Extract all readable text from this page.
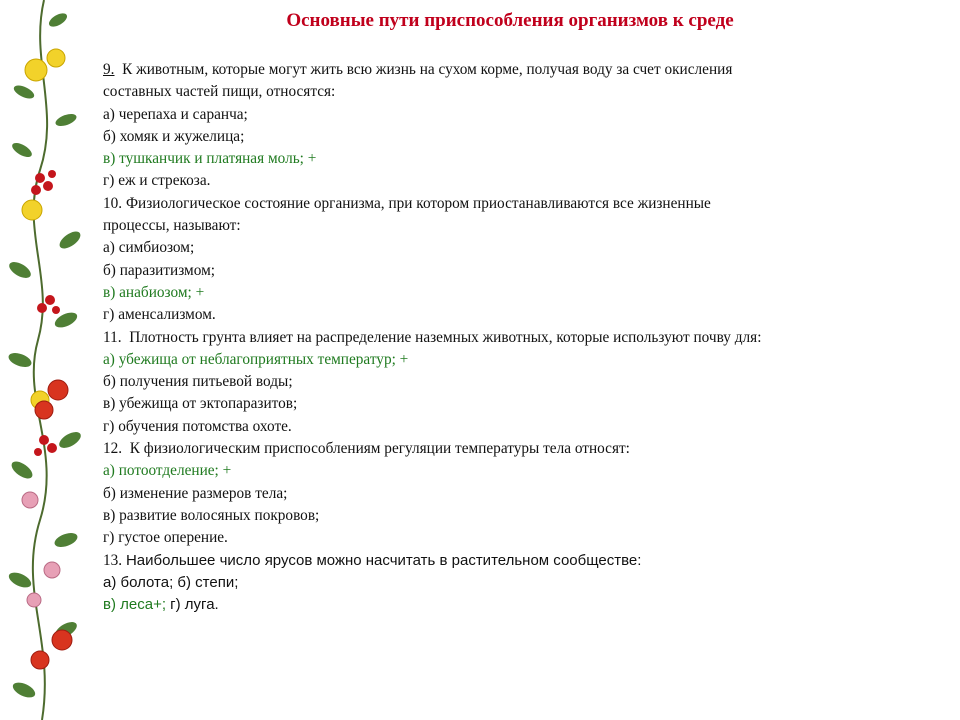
Основные пути приспособления организмов к среде
9. К животным, которые могут жить всю жизнь на сухом корме, получая воду за счет окисления
составных частей пищи, относятся:
а) черепаха и саранча;
б) хомяк и жужелица;
в) тушканчик и платяная моль; +
г) еж и стрекоза.
10. Физиологическое состояние организма, при котором приостанавливаются все жизненные
процессы, называют:
а) симбиозом;
б) паразитизмом;
в) анабиозом; +
г) аменсализмом.
11. Плотность грунта влияет на распределение наземных животных, которые используют почву для:
а) убежища от неблагоприятных температур; +
б) получения питьевой воды;
в) убежища от эктопаразитов;
г) обучения потомства охоте.
12. К физиологическим приспособлениям регуляции температуры тела относят:
а) потоотделение; +
б) изменение размеров тела;
в) развитие волосяных покровов;
г) густое оперение.
13. Наибольшее число ярусов можно насчитать в растительном сообществе:
а) болота; б) степи;
в) леса+; г) луга.
